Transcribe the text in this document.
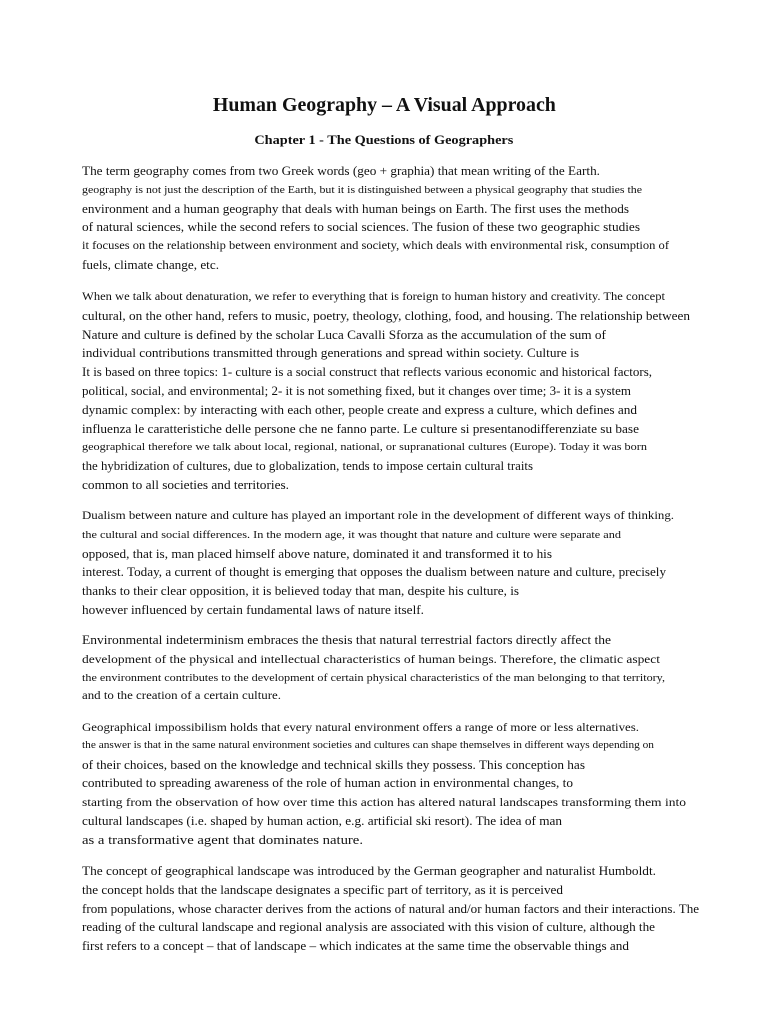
Human Geography – A Visual Approach
Chapter 1 - The Questions of Geographers
The term geography comes from two Greek words (geo + graphia) that mean writing of the Earth.
geography is not just the description of the Earth, but it is distinguished between a physical geography that studies the
environment and a human geography that deals with human beings on Earth. The first uses the methods
of natural sciences, while the second refers to social sciences. The fusion of these two geographic studies
it focuses on the relationship between environment and society, which deals with environmental risk, consumption of
fuels, climate change, etc.
When we talk about denaturation, we refer to everything that is foreign to human history and creativity. The concept
cultural, on the other hand, refers to music, poetry, theology, clothing, food, and housing. The relationship between
Nature and culture is defined by the scholar Luca Cavalli Sforza as the accumulation of the sum of
individual contributions transmitted through generations and spread within society. Culture is
It is based on three topics: 1- culture is a social construct that reflects various economic and historical factors,
political, social, and environmental; 2- it is not something fixed, but it changes over time; 3- it is a system
dynamic complex: by interacting with each other, people create and express a culture, which defines and
influenza le caratteristiche delle persone che ne fanno parte. Le culture si presentanodifferenziate su base
geographical therefore we talk about local, regional, national, or supranational cultures (Europe). Today it was born
the hybridization of cultures, due to globalization, tends to impose certain cultural traits
common to all societies and territories.
Dualism between nature and culture has played an important role in the development of different ways of thinking.
the cultural and social differences. In the modern age, it was thought that nature and culture were separate and
opposed, that is, man placed himself above nature, dominated it and transformed it to his
interest. Today, a current of thought is emerging that opposes the dualism between nature and culture, precisely
thanks to their clear opposition, it is believed today that man, despite his culture, is
however influenced by certain fundamental laws of nature itself.
Environmental indeterminism embraces the thesis that natural terrestrial factors directly affect the
development of the physical and intellectual characteristics of human beings. Therefore, the climatic aspect
the environment contributes to the development of certain physical characteristics of the man belonging to that territory,
and to the creation of a certain culture.
Geographical impossibilism holds that every natural environment offers a range of more or less alternatives.
the answer is that in the same natural environment societies and cultures can shape themselves in different ways depending on
of their choices, based on the knowledge and technical skills they possess. This conception has
contributed to spreading awareness of the role of human action in environmental changes, to
starting from the observation of how over time this action has altered natural landscapes transforming them into
cultural landscapes (i.e. shaped by human action, e.g. artificial ski resort). The idea of man
as a transformative agent that dominates nature.
The concept of geographical landscape was introduced by the German geographer and naturalist Humboldt.
the concept holds that the landscape designates a specific part of territory, as it is perceived
from populations, whose character derives from the actions of natural and/or human factors and their interactions. The
reading of the cultural landscape and regional analysis are associated with this vision of culture, although the
first refers to a concept – that of landscape – which indicates at the same time the observable things and
